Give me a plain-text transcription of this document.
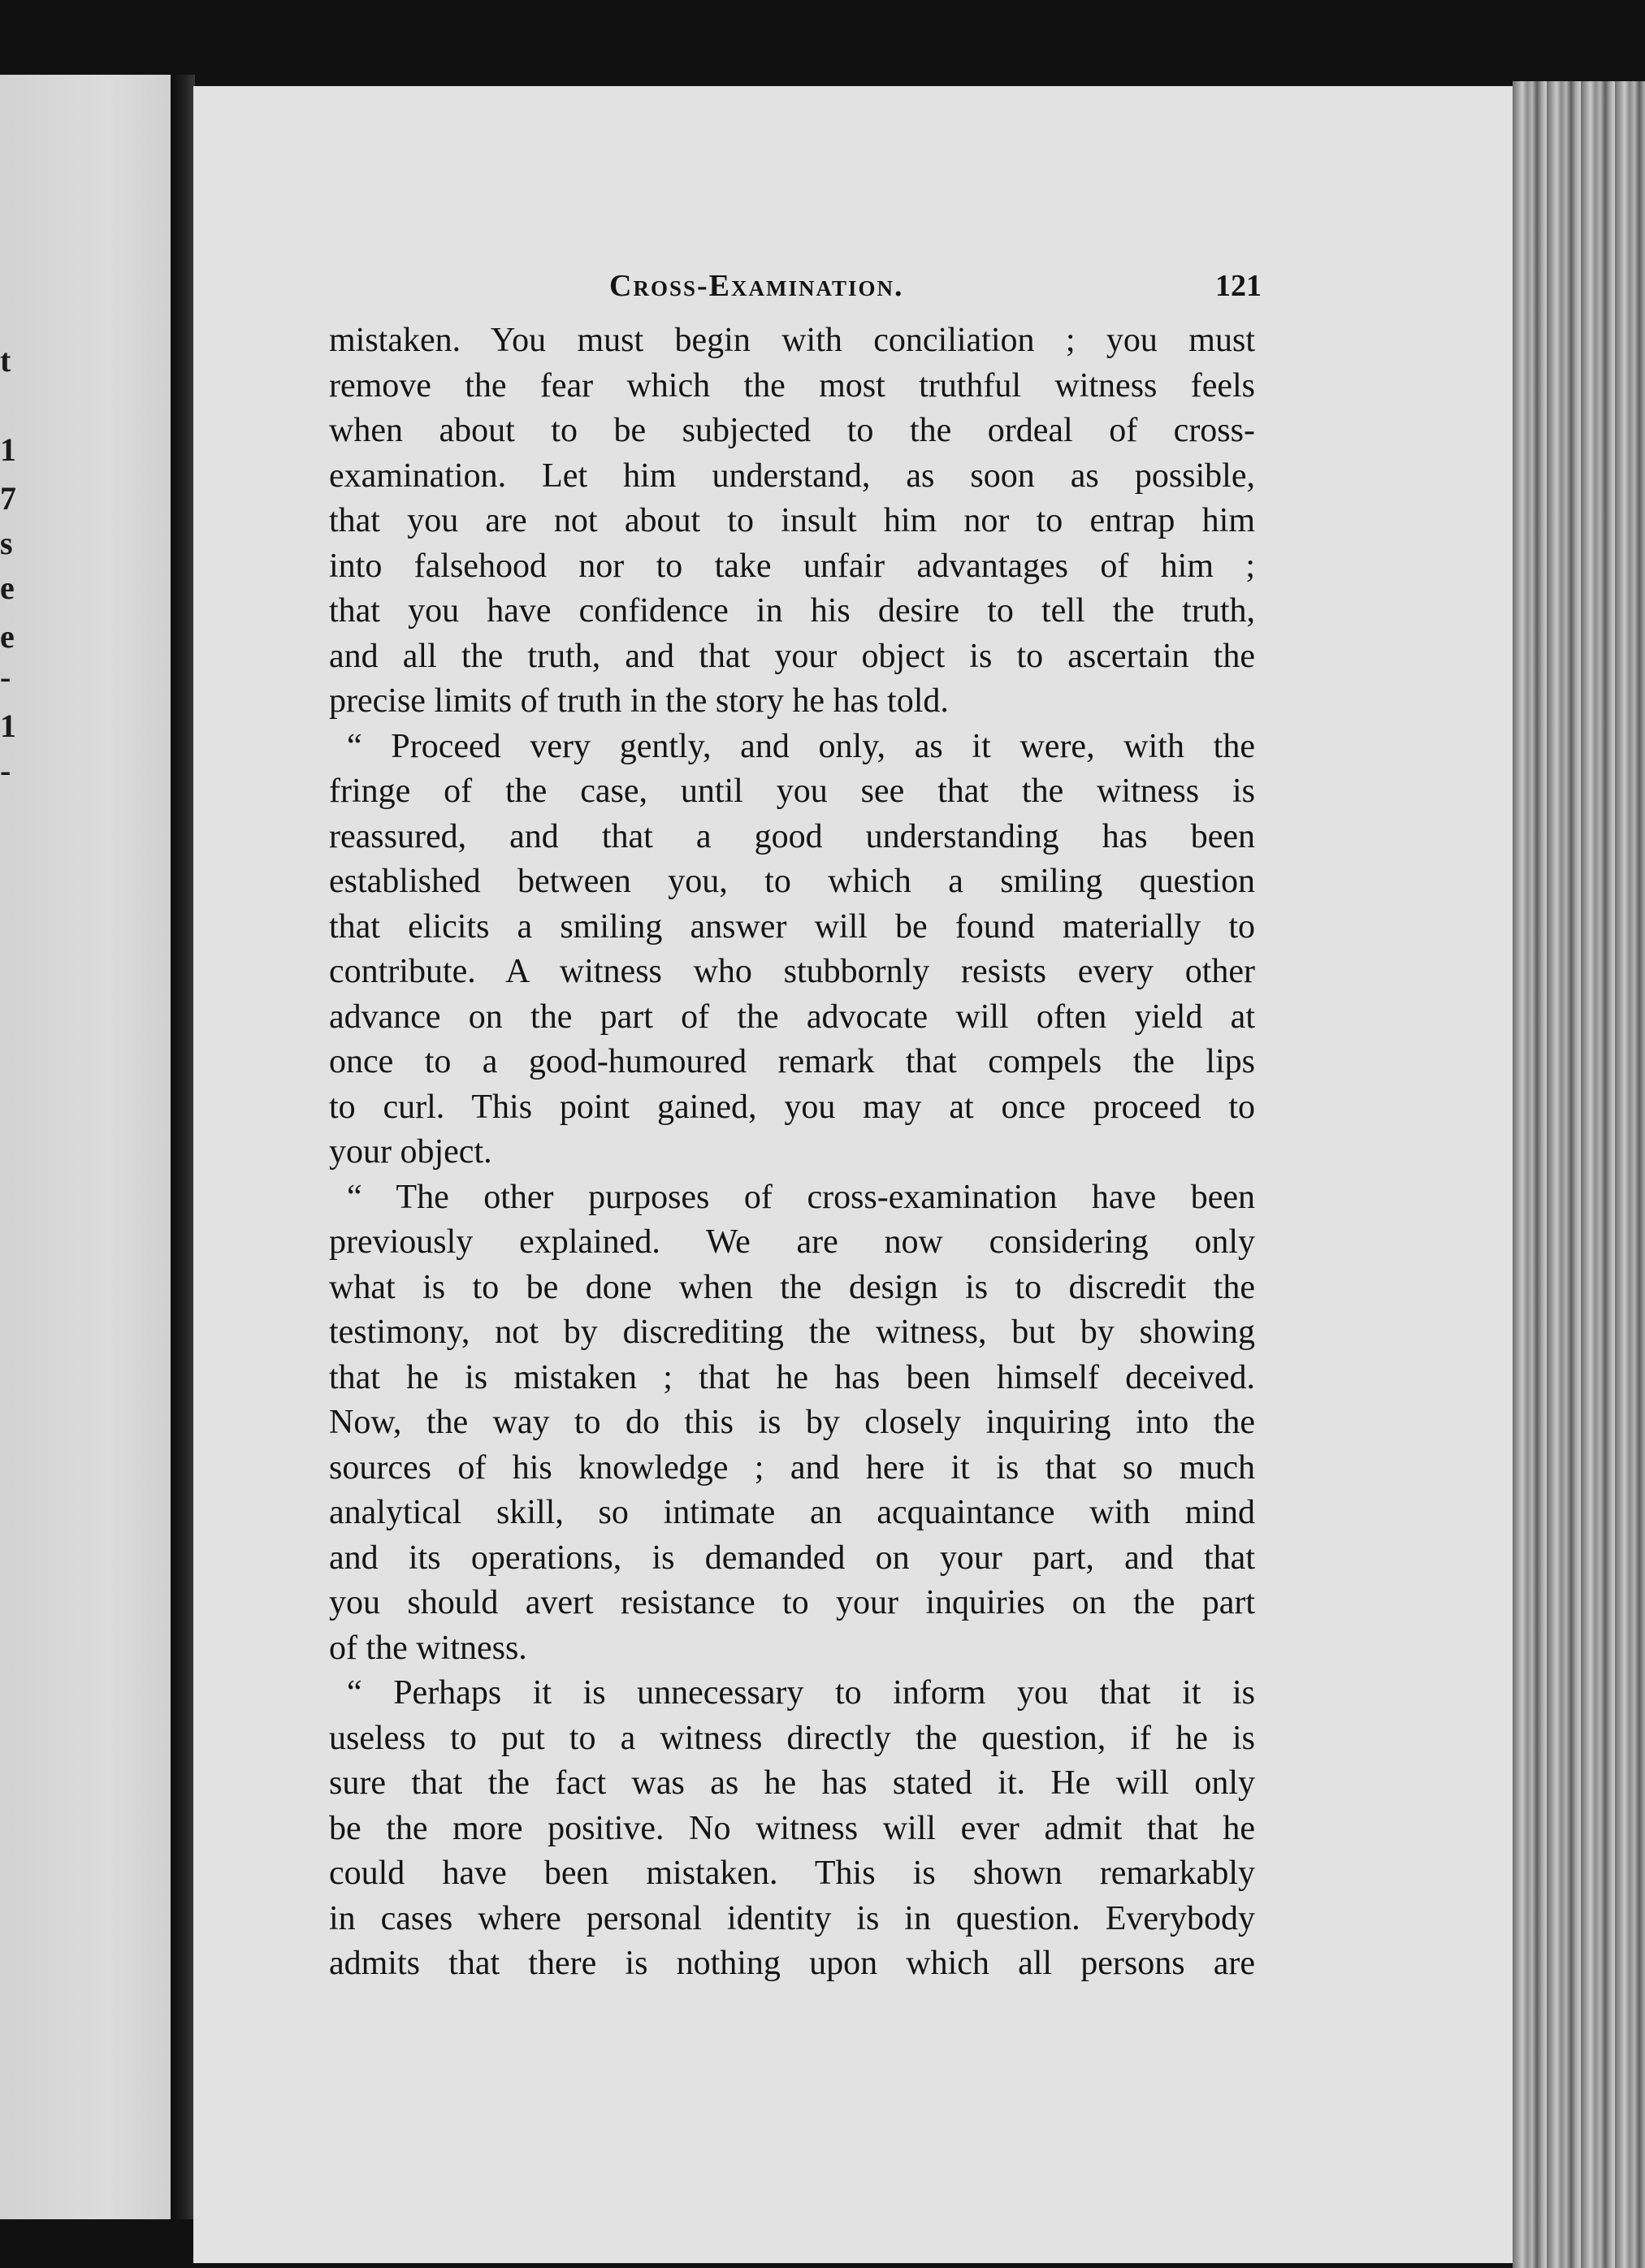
t
1
7
s
e
e
-
1
-
Cross-Examination.	121
mistaken. You must begin with conciliation ; you must
remove the fear which the most truthful witness feels
when about to be subjected to the ordeal of cross-
examination. Let him understand, as soon as possible,
that you are not about to insult him nor to entrap him
into falsehood nor to take unfair advantages of him ;
that you have confidence in his desire to tell the truth,
and all the truth, and that your object is to ascertain the
precise limits of truth in the story he has told.
“ Proceed very gently, and only, as it were, with the
fringe of the case, until you see that the witness is
reassured, and that a good understanding has been
established between you, to which a smiling question
that elicits a smiling answer will be found materially to
contribute. A witness who stubbornly resists every other
advance on the part of the advocate will often yield at
once to a good-humoured remark that compels the lips
to curl. This point gained, you may at once proceed to
your object.
“ The other purposes of cross-examination have been
previously explained. We are now considering only
what is to be done when the design is to discredit the
testimony, not by discrediting the witness, but by showing
that he is mistaken ; that he has been himself deceived.
Now, the way to do this is by closely inquiring into the
sources of his knowledge ; and here it is that so much
analytical skill, so intimate an acquaintance with mind
and its operations, is demanded on your part, and that
you should avert resistance to your inquiries on the part
of the witness.
“ Perhaps it is unnecessary to inform you that it is
useless to put to a witness directly the question, if he is
sure that the fact was as he has stated it. He will only
be the more positive. No witness will ever admit that he
could have been mistaken. This is shown remarkably
in cases where personal identity is in question. Everybody
admits that there is nothing upon which all persons are
